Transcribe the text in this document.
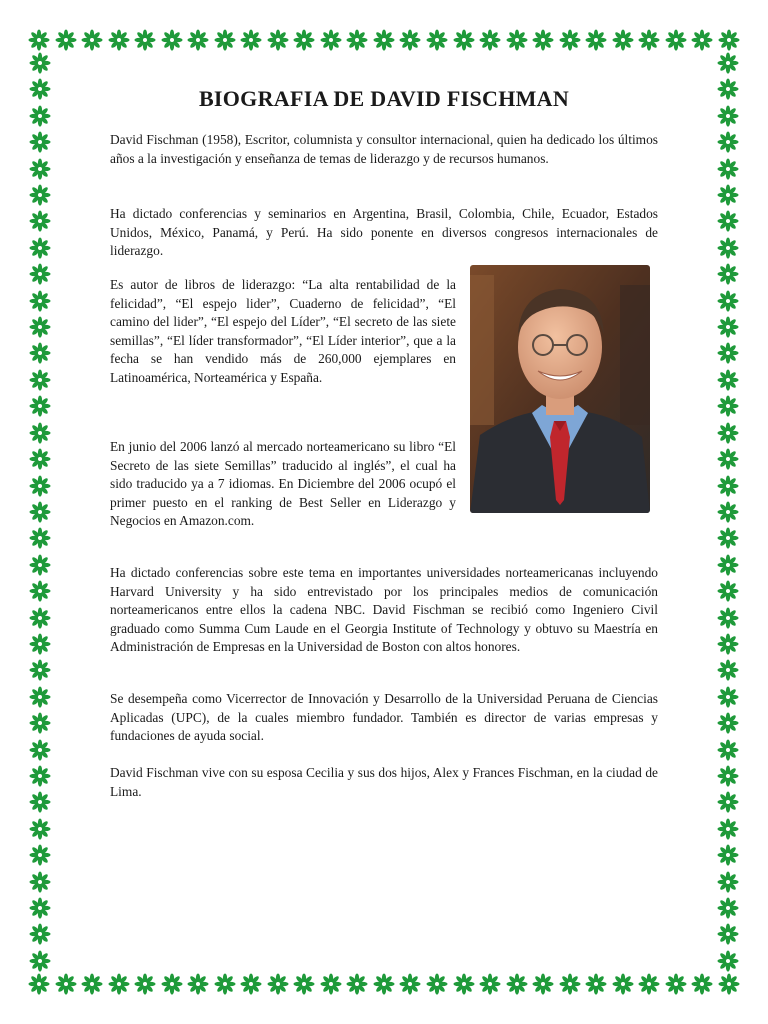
BIOGRAFIA DE DAVID FISCHMAN

David Fischman (1958), Escritor, columnista y consultor internacional, quien ha dedicado los últimos años a la investigación y enseñanza de temas de liderazgo y de recursos humanos.

Ha dictado conferencias y seminarios en Argentina, Brasil, Colombia, Chile, Ecuador, Estados Unidos, México, Panamá, y Perú. Ha sido ponente en diversos congresos internacionales de liderazgo.

Es autor de libros de liderazgo: “La alta rentabilidad de la felicidad”, “El espejo lider”, Cuaderno de felicidad”, “El camino del lider”, “El espejo del Líder”, “El secreto de las siete semillas”, “El líder transformador”, “El Líder interior”, que a la fecha se han vendido más de 260,000 ejemplares en Latinoamérica, Norteamérica y España.

En junio del 2006 lanzó al mercado norteamericano su libro “El Secreto de las siete Semillas” traducido al inglés”, el cual ha sido traducido ya a 7 idiomas. En Diciembre del 2006 ocupó el primer puesto en el ranking de Best Seller en Liderazgo y Negocios en Amazon.com.

Ha dictado conferencias sobre este tema en importantes universidades norteamericanas incluyendo Harvard University y ha sido entrevistado por los principales medios de comunicación norteamericanos entre ellos la cadena NBC. David Fischman se recibió como Ingeniero Civil graduado como Summa Cum Laude en el Georgia Institute of Technology y obtuvo su Maestría en Administración de Empresas en la Universidad de Boston con altos honores.

Se desempeña como Vicerrector de Innovación y Desarrollo de la Universidad Peruana de Ciencias Aplicadas (UPC), de la cuales miembro fundador. También es director de varias empresas y fundaciones de ayuda social.

David Fischman vive con su esposa Cecilia y sus dos hijos, Alex y Frances Fischman, en la ciudad de Lima.
